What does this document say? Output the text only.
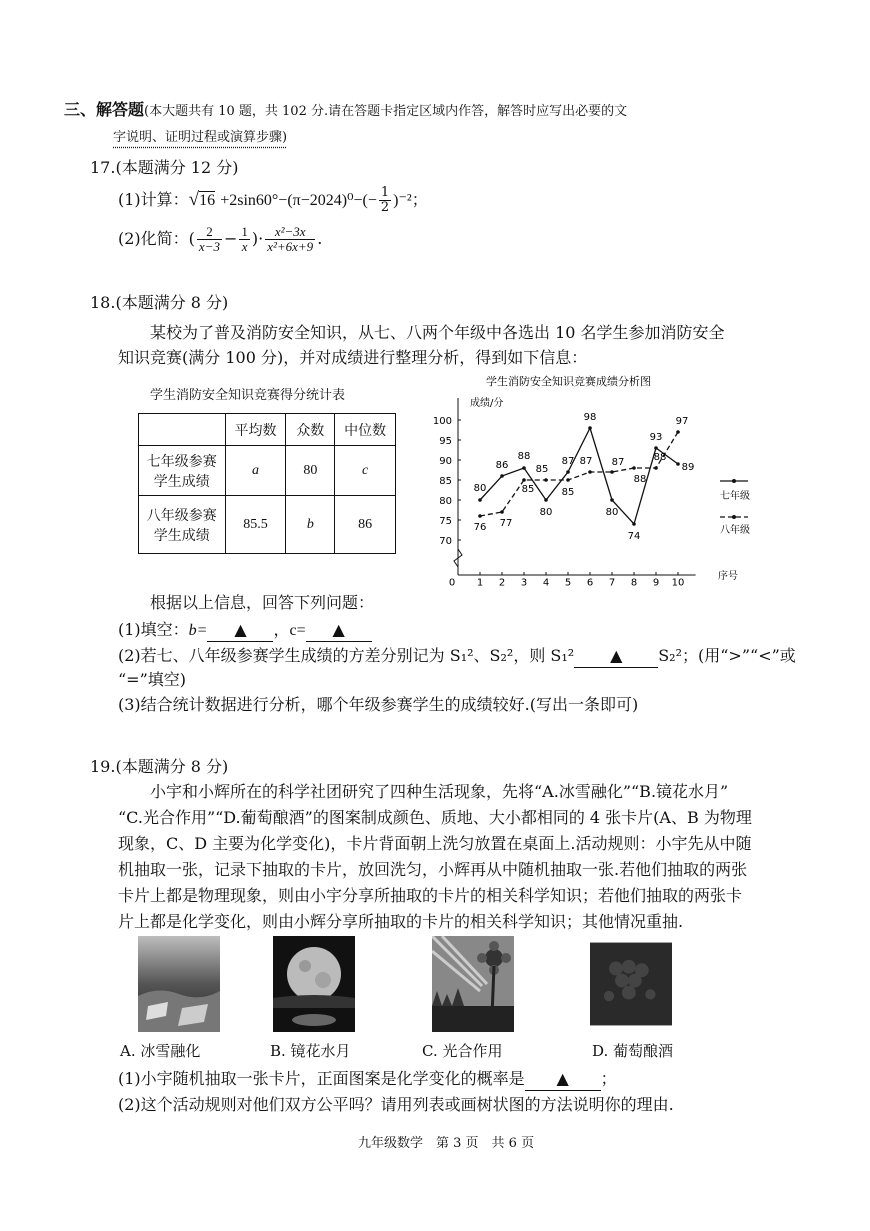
三、解答题(本大题共有 10 题，共 102 分.请在答题卡指定区域内作答，解答时应写出必要的文
字说明、证明过程或演算步骤)
17.(本题满分 12 分)
(1)计算：$√16 +2\sin 60^\circ-(\pi-2024)^0-(- \frac{1}{2} )^{-2}$；
(2)化简：( $\frac{2}{x-3} - \frac{1}{x}$ )· $\frac{\text{x²−3x}}{\text{x²+6x+9}}$ .
18.(本题满分 8 分)
某校为了普及消防安全知识，从七、八两个年级中各选出 10 名学生参加消防安全
知识竞赛(满分 100 分)，并对成绩进行整理分析，得到如下信息：
学生消防安全知识竞赛得分统计表
	平均数	众数	中位数
七年级参赛
学生成绩	a	80	c
八年级参赛
学生成绩	85.5	b	86
学生消防安全知识竞赛成绩分析图
成绩/分
序号
0 1 2 3 4 5 6 7 8 9 10
70
75
80
85
90
95
100
80
86
88
80
87
98
80
74
93
89
76 77
85
85
85
87 87
88
88
97
七年级
八年级
根据以上信息，回答下列问题：
(1)填空：b= ▲ ，c= ▲
(2)若七、八年级参赛学生成绩的方差分别记为 S₁²、S₂²，则 S₁² ▲ S₂²；(用“>”“<”或
“=”填空)
(3)结合统计数据进行分析，哪个年级参赛学生的成绩较好.(写出一条即可)
19.(本题满分 8 分)
小宇和小辉所在的科学社团研究了四种生活现象，先将“A.冰雪融化”“B.镜花水月”
“C.光合作用”“D.葡萄酿酒”的图案制成颜色、质地、大小都相同的 4 张卡片(A、B 为物理
现象，C、D 主要为化学变化)，卡片背面朝上洗匀放置在桌面上.活动规则：小宇先从中随
机抽取一张，记录下抽取的卡片，放回洗匀，小辉再从中随机抽取一张.若他们抽取的两张
卡片上都是物理现象，则由小宇分享所抽取的卡片的相关科学知识；若他们抽取的两张卡
片上都是化学变化，则由小辉分享所抽取的卡片的相关科学知识；其他情况重抽.
A. 冰雪融化	B. 镜花水月	C. 光合作用	D. 葡萄酿酒
(1)小宇随机抽取一张卡片，正面图案是化学变化的概率是 ▲ ；
(2)这个活动规则对他们双方公平吗？请用列表或画树状图的方法说明你的理由.
九年级数学　第 3 页　共 6 页
